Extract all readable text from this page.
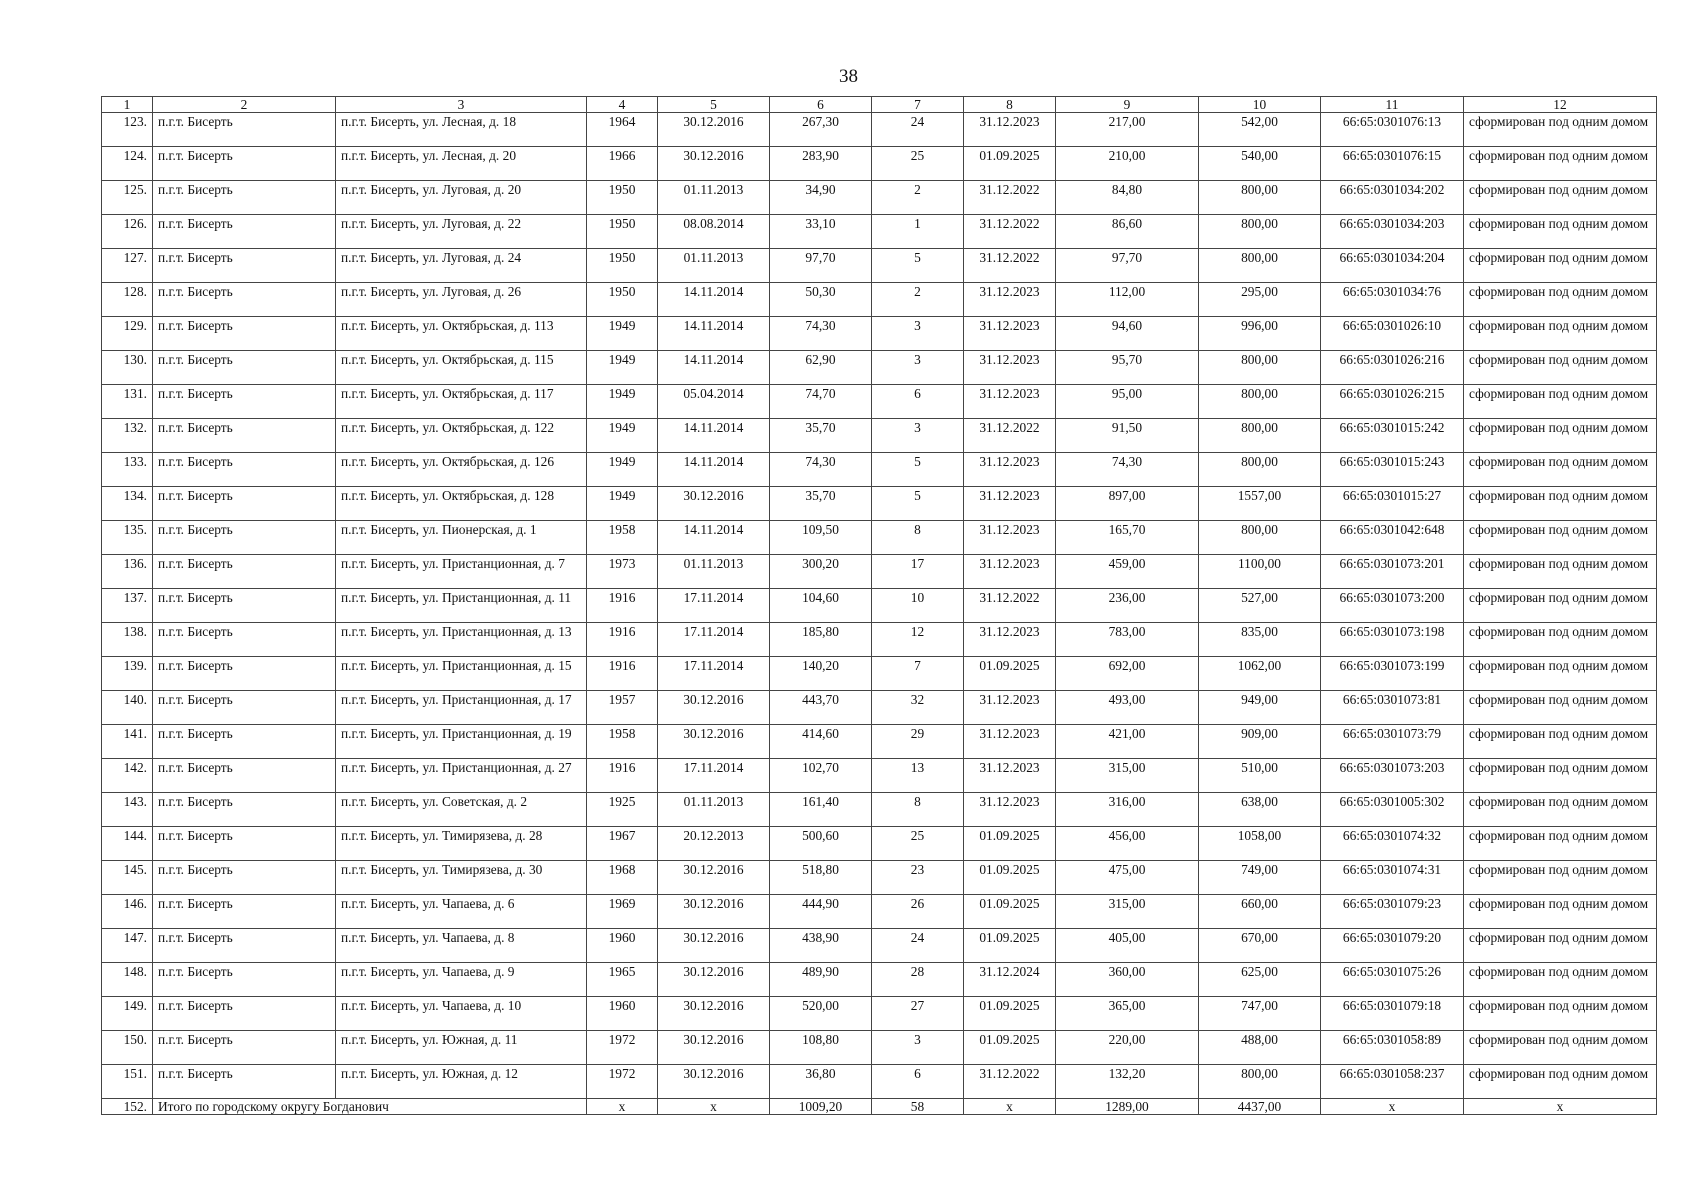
38
1	2	3	4	5	6	7	8	9	10	11	12
123.	п.г.т. Бисерть	п.г.т. Бисерть, ул. Лесная, д. 18	1964	30.12.2016	267,30	24	31.12.2023	217,00	542,00	66:65:0301076:13	сформирован под одним домом
124.	п.г.т. Бисерть	п.г.т. Бисерть, ул. Лесная, д. 20	1966	30.12.2016	283,90	25	01.09.2025	210,00	540,00	66:65:0301076:15	сформирован под одним домом
125.	п.г.т. Бисерть	п.г.т. Бисерть, ул. Луговая, д. 20	1950	01.11.2013	34,90	2	31.12.2022	84,80	800,00	66:65:0301034:202	сформирован под одним домом
126.	п.г.т. Бисерть	п.г.т. Бисерть, ул. Луговая, д. 22	1950	08.08.2014	33,10	1	31.12.2022	86,60	800,00	66:65:0301034:203	сформирован под одним домом
127.	п.г.т. Бисерть	п.г.т. Бисерть, ул. Луговая, д. 24	1950	01.11.2013	97,70	5	31.12.2022	97,70	800,00	66:65:0301034:204	сформирован под одним домом
128.	п.г.т. Бисерть	п.г.т. Бисерть, ул. Луговая, д. 26	1950	14.11.2014	50,30	2	31.12.2023	112,00	295,00	66:65:0301034:76	сформирован под одним домом
129.	п.г.т. Бисерть	п.г.т. Бисерть, ул. Октябрьская, д. 113	1949	14.11.2014	74,30	3	31.12.2023	94,60	996,00	66:65:0301026:10	сформирован под одним домом
130.	п.г.т. Бисерть	п.г.т. Бисерть, ул. Октябрьская, д. 115	1949	14.11.2014	62,90	3	31.12.2023	95,70	800,00	66:65:0301026:216	сформирован под одним домом
131.	п.г.т. Бисерть	п.г.т. Бисерть, ул. Октябрьская, д. 117	1949	05.04.2014	74,70	6	31.12.2023	95,00	800,00	66:65:0301026:215	сформирован под одним домом
132.	п.г.т. Бисерть	п.г.т. Бисерть, ул. Октябрьская, д. 122	1949	14.11.2014	35,70	3	31.12.2022	91,50	800,00	66:65:0301015:242	сформирован под одним домом
133.	п.г.т. Бисерть	п.г.т. Бисерть, ул. Октябрьская, д. 126	1949	14.11.2014	74,30	5	31.12.2023	74,30	800,00	66:65:0301015:243	сформирован под одним домом
134.	п.г.т. Бисерть	п.г.т. Бисерть, ул. Октябрьская, д. 128	1949	30.12.2016	35,70	5	31.12.2023	897,00	1557,00	66:65:0301015:27	сформирован под одним домом
135.	п.г.т. Бисерть	п.г.т. Бисерть, ул. Пионерская, д. 1	1958	14.11.2014	109,50	8	31.12.2023	165,70	800,00	66:65:0301042:648	сформирован под одним домом
136.	п.г.т. Бисерть	п.г.т. Бисерть, ул. Пристанционная, д. 7	1973	01.11.2013	300,20	17	31.12.2023	459,00	1100,00	66:65:0301073:201	сформирован под одним домом
137.	п.г.т. Бисерть	п.г.т. Бисерть, ул. Пристанционная, д. 11	1916	17.11.2014	104,60	10	31.12.2022	236,00	527,00	66:65:0301073:200	сформирован под одним домом
138.	п.г.т. Бисерть	п.г.т. Бисерть, ул. Пристанционная, д. 13	1916	17.11.2014	185,80	12	31.12.2023	783,00	835,00	66:65:0301073:198	сформирован под одним домом
139.	п.г.т. Бисерть	п.г.т. Бисерть, ул. Пристанционная, д. 15	1916	17.11.2014	140,20	7	01.09.2025	692,00	1062,00	66:65:0301073:199	сформирован под одним домом
140.	п.г.т. Бисерть	п.г.т. Бисерть, ул. Пристанционная, д. 17	1957	30.12.2016	443,70	32	31.12.2023	493,00	949,00	66:65:0301073:81	сформирован под одним домом
141.	п.г.т. Бисерть	п.г.т. Бисерть, ул. Пристанционная, д. 19	1958	30.12.2016	414,60	29	31.12.2023	421,00	909,00	66:65:0301073:79	сформирован под одним домом
142.	п.г.т. Бисерть	п.г.т. Бисерть, ул. Пристанционная, д. 27	1916	17.11.2014	102,70	13	31.12.2023	315,00	510,00	66:65:0301073:203	сформирован под одним домом
143.	п.г.т. Бисерть	п.г.т. Бисерть, ул. Советская, д. 2	1925	01.11.2013	161,40	8	31.12.2023	316,00	638,00	66:65:0301005:302	сформирован под одним домом
144.	п.г.т. Бисерть	п.г.т. Бисерть, ул. Тимирязева, д. 28	1967	20.12.2013	500,60	25	01.09.2025	456,00	1058,00	66:65:0301074:32	сформирован под одним домом
145.	п.г.т. Бисерть	п.г.т. Бисерть, ул. Тимирязева, д. 30	1968	30.12.2016	518,80	23	01.09.2025	475,00	749,00	66:65:0301074:31	сформирован под одним домом
146.	п.г.т. Бисерть	п.г.т. Бисерть, ул. Чапаева, д. 6	1969	30.12.2016	444,90	26	01.09.2025	315,00	660,00	66:65:0301079:23	сформирован под одним домом
147.	п.г.т. Бисерть	п.г.т. Бисерть, ул. Чапаева, д. 8	1960	30.12.2016	438,90	24	01.09.2025	405,00	670,00	66:65:0301079:20	сформирован под одним домом
148.	п.г.т. Бисерть	п.г.т. Бисерть, ул. Чапаева, д. 9	1965	30.12.2016	489,90	28	31.12.2024	360,00	625,00	66:65:0301075:26	сформирован под одним домом
149.	п.г.т. Бисерть	п.г.т. Бисерть, ул. Чапаева, д. 10	1960	30.12.2016	520,00	27	01.09.2025	365,00	747,00	66:65:0301079:18	сформирован под одним домом
150.	п.г.т. Бисерть	п.г.т. Бисерть, ул. Южная, д. 11	1972	30.12.2016	108,80	3	01.09.2025	220,00	488,00	66:65:0301058:89	сформирован под одним домом
151.	п.г.т. Бисерть	п.г.т. Бисерть, ул. Южная, д. 12	1972	30.12.2016	36,80	6	31.12.2022	132,20	800,00	66:65:0301058:237	сформирован под одним домом
152.	Итого по городскому округу Богданович		x	x	1009,20	58	x	1289,00	4437,00	x	x
